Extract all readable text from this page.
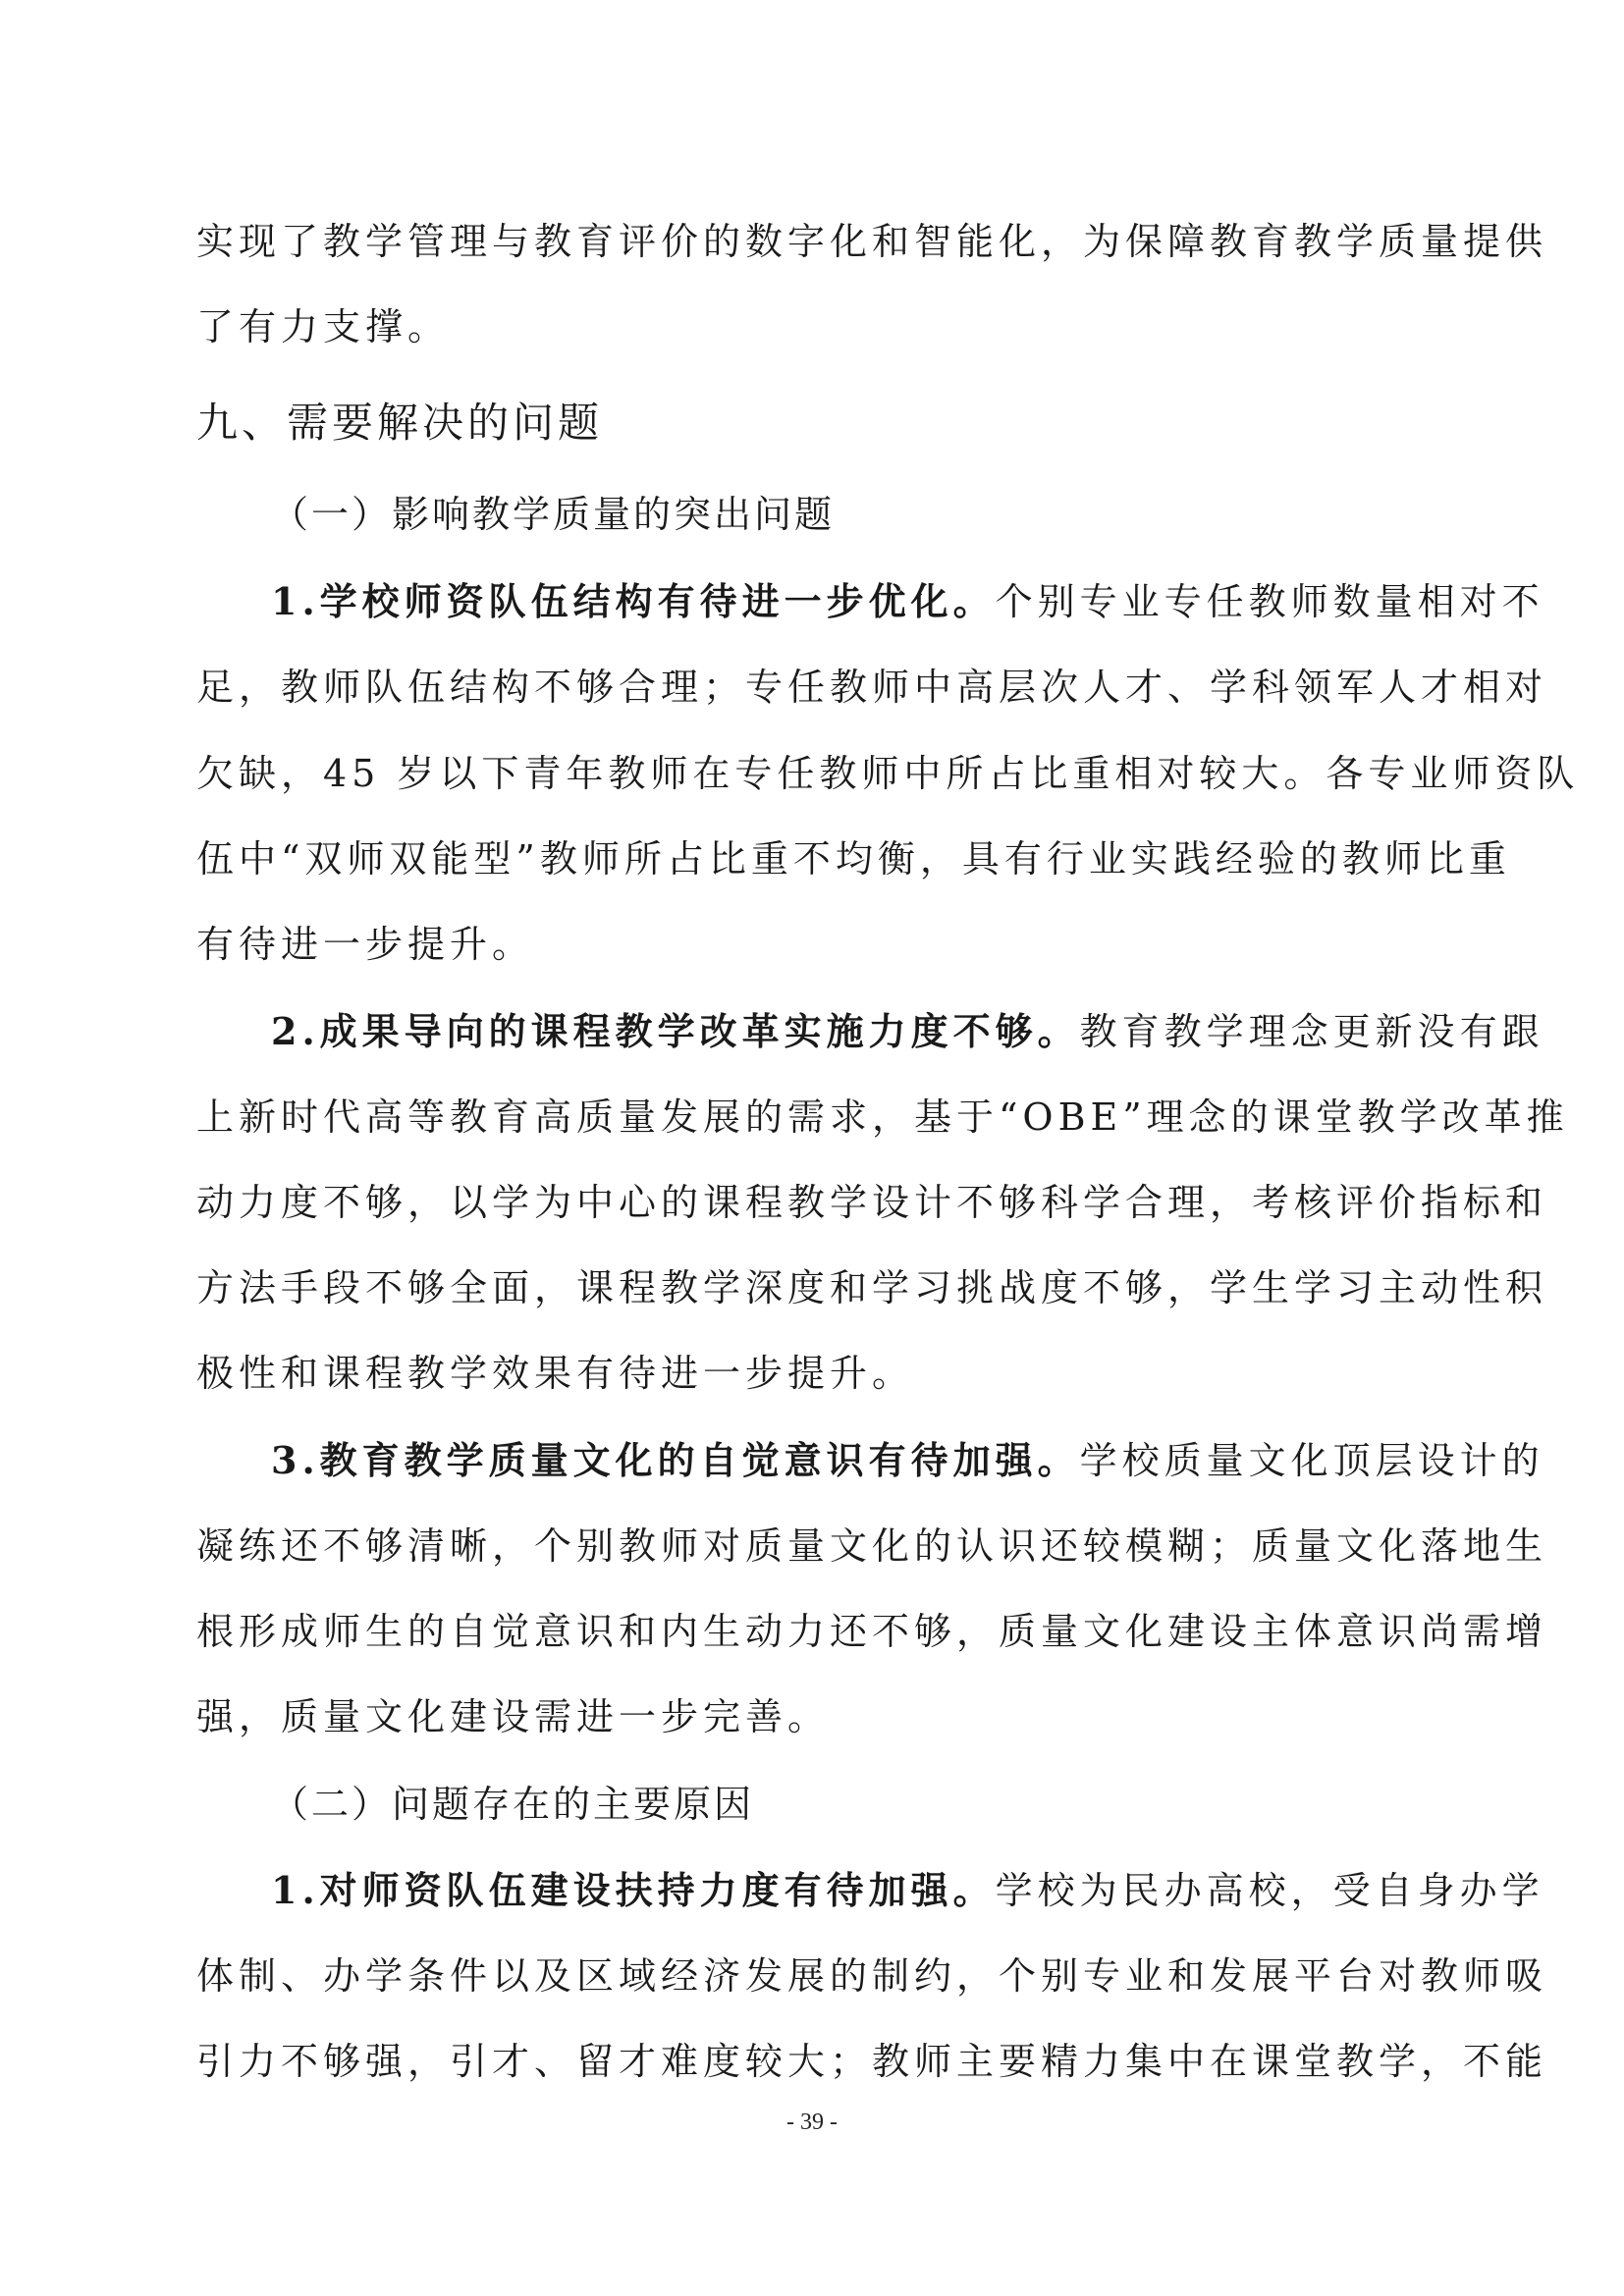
实现了教学管理与教育评价的数字化和智能化，为保障教育教学质量提供
了有力支撑。
九、需要解决的问题
（一）影响教学质量的突出问题
1.学校师资队伍结构有待进一步优化。个别专业专任教师数量相对不
足，教师队伍结构不够合理；专任教师中高层次人才、学科领军人才相对
欠缺，45 岁以下青年教师在专任教师中所占比重相对较大。各专业师资队
伍中“双师双能型”教师所占比重不均衡，具有行业实践经验的教师比重
有待进一步提升。
2.成果导向的课程教学改革实施力度不够。教育教学理念更新没有跟
上新时代高等教育高质量发展的需求，基于“OBE”理念的课堂教学改革推
动力度不够，以学为中心的课程教学设计不够科学合理，考核评价指标和
方法手段不够全面，课程教学深度和学习挑战度不够，学生学习主动性积
极性和课程教学效果有待进一步提升。
3.教育教学质量文化的自觉意识有待加强。学校质量文化顶层设计的
凝练还不够清晰，个别教师对质量文化的认识还较模糊；质量文化落地生
根形成师生的自觉意识和内生动力还不够，质量文化建设主体意识尚需增
强，质量文化建设需进一步完善。
（二）问题存在的主要原因
1.对师资队伍建设扶持力度有待加强。学校为民办高校，受自身办学
体制、办学条件以及区域经济发展的制约，个别专业和发展平台对教师吸
引力不够强，引才、留才难度较大；教师主要精力集中在课堂教学，不能
- 39 -
